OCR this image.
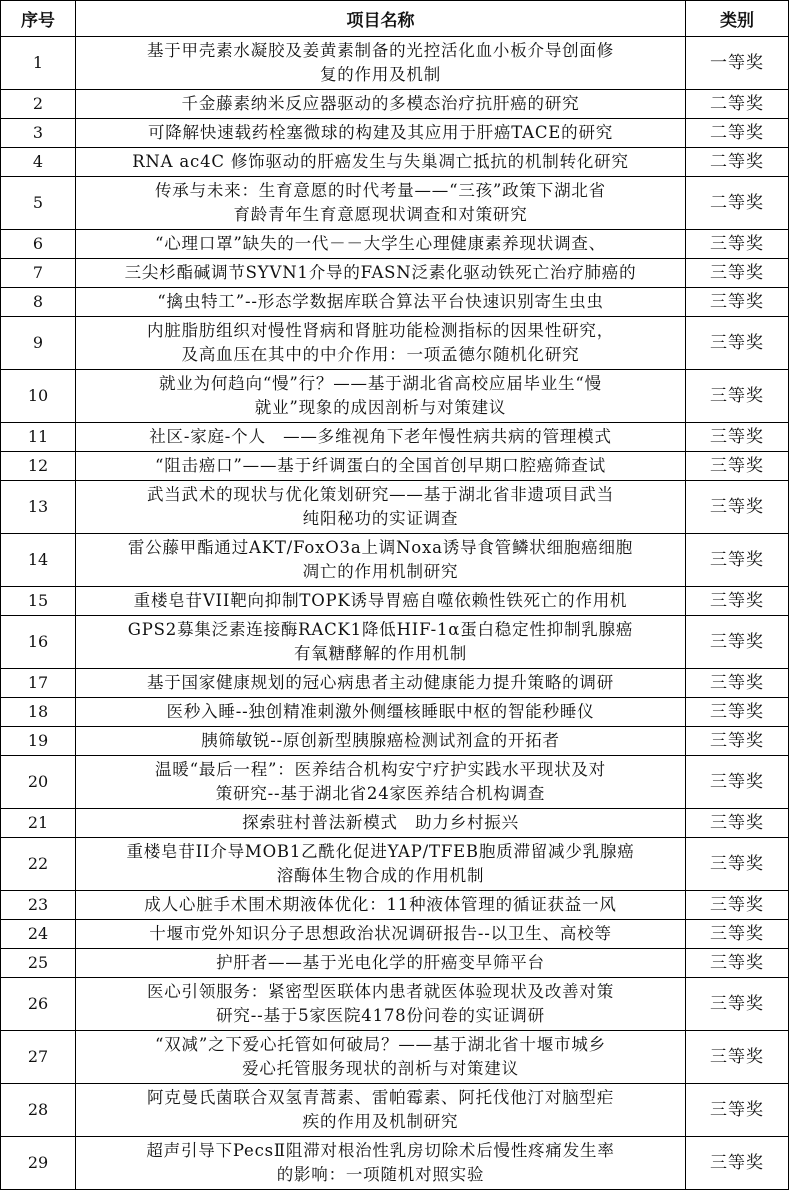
序号	项目名称	类别
1	基于甲壳素水凝胶及姜黄素制备的光控活化血小板介导创面修
复的作用及机制	一等奖
2	千金藤素纳米反应器驱动的多模态治疗抗肝癌的研究	二等奖
3	可降解快速载药栓塞微球的构建及其应用于肝癌TACE的研究	二等奖
4	RNA ac4C 修饰驱动的肝癌发生与失巢凋亡抵抗的机制转化研究	二等奖
5	传承与未来：生育意愿的时代考量——“三孩”政策下湖北省
育龄青年生育意愿现状调查和对策研究	二等奖
6	“心理口罩”缺失的一代－－大学生心理健康素养现状调查、	三等奖
7	三尖杉酯碱调节SYVN1介导的FASN泛素化驱动铁死亡治疗肺癌的	三等奖
8	“擒虫特工”--形态学数据库联合算法平台快速识别寄生虫虫	三等奖
9	内脏脂肪组织对慢性肾病和肾脏功能检测指标的因果性研究，
及高血压在其中的中介作用：一项孟德尔随机化研究	三等奖
10	就业为何趋向“慢”行？——基于湖北省高校应届毕业生“慢
就业”现象的成因剖析与对策建议	三等奖
11	社区-家庭-个人　——多维视角下老年慢性病共病的管理模式	三等奖
12	“阻击癌口”——基于纤调蛋白的全国首创早期口腔癌筛查试	三等奖
13	武当武术的现状与优化策划研究——基于湖北省非遗项目武当
纯阳秘功的实证调查	三等奖
14	雷公藤甲酯通过AKT/FoxO3a上调Noxa诱导食管鳞状细胞癌细胞
凋亡的作用机制研究	三等奖
15	重楼皂苷VII靶向抑制TOPK诱导胃癌自噬依赖性铁死亡的作用机	三等奖
16	GPS2募集泛素连接酶RACK1降低HIF-1α蛋白稳定性抑制乳腺癌
有氧糖酵解的作用机制	三等奖
17	基于国家健康规划的冠心病患者主动健康能力提升策略的调研	三等奖
18	医秒入睡--独创精准刺激外侧缰核睡眠中枢的智能秒睡仪	三等奖
19	胰筛敏锐--原创新型胰腺癌检测试剂盒的开拓者	三等奖
20	温暖“最后一程”：医养结合机构安宁疗护实践水平现状及对
策研究--基于湖北省24家医养结合机构调查	三等奖
21	探索驻村普法新模式　助力乡村振兴	三等奖
22	重楼皂苷II介导MOB1乙酰化促进YAP/TFEB胞质滞留减少乳腺癌
溶酶体生物合成的作用机制	三等奖
23	成人心脏手术围术期液体优化：11种液体管理的循证获益一风	三等奖
24	十堰市党外知识分子思想政治状况调研报告--以卫生、高校等	三等奖
25	护肝者——基于光电化学的肝癌变早筛平台	三等奖
26	医心引领服务：紧密型医联体内患者就医体验现状及改善对策
研究--基于5家医院4178份问卷的实证调研	三等奖
27	“双减”之下爱心托管如何破局？——基于湖北省十堰市城乡
爱心托管服务现状的剖析与对策建议	三等奖
28	阿克曼氏菌联合双氢青蒿素、雷帕霉素、阿托伐他汀对脑型疟
疾的作用及机制研究	三等奖
29	超声引导下PecsⅡ阻滞对根治性乳房切除术后慢性疼痛发生率
的影响：一项随机对照实验	三等奖
